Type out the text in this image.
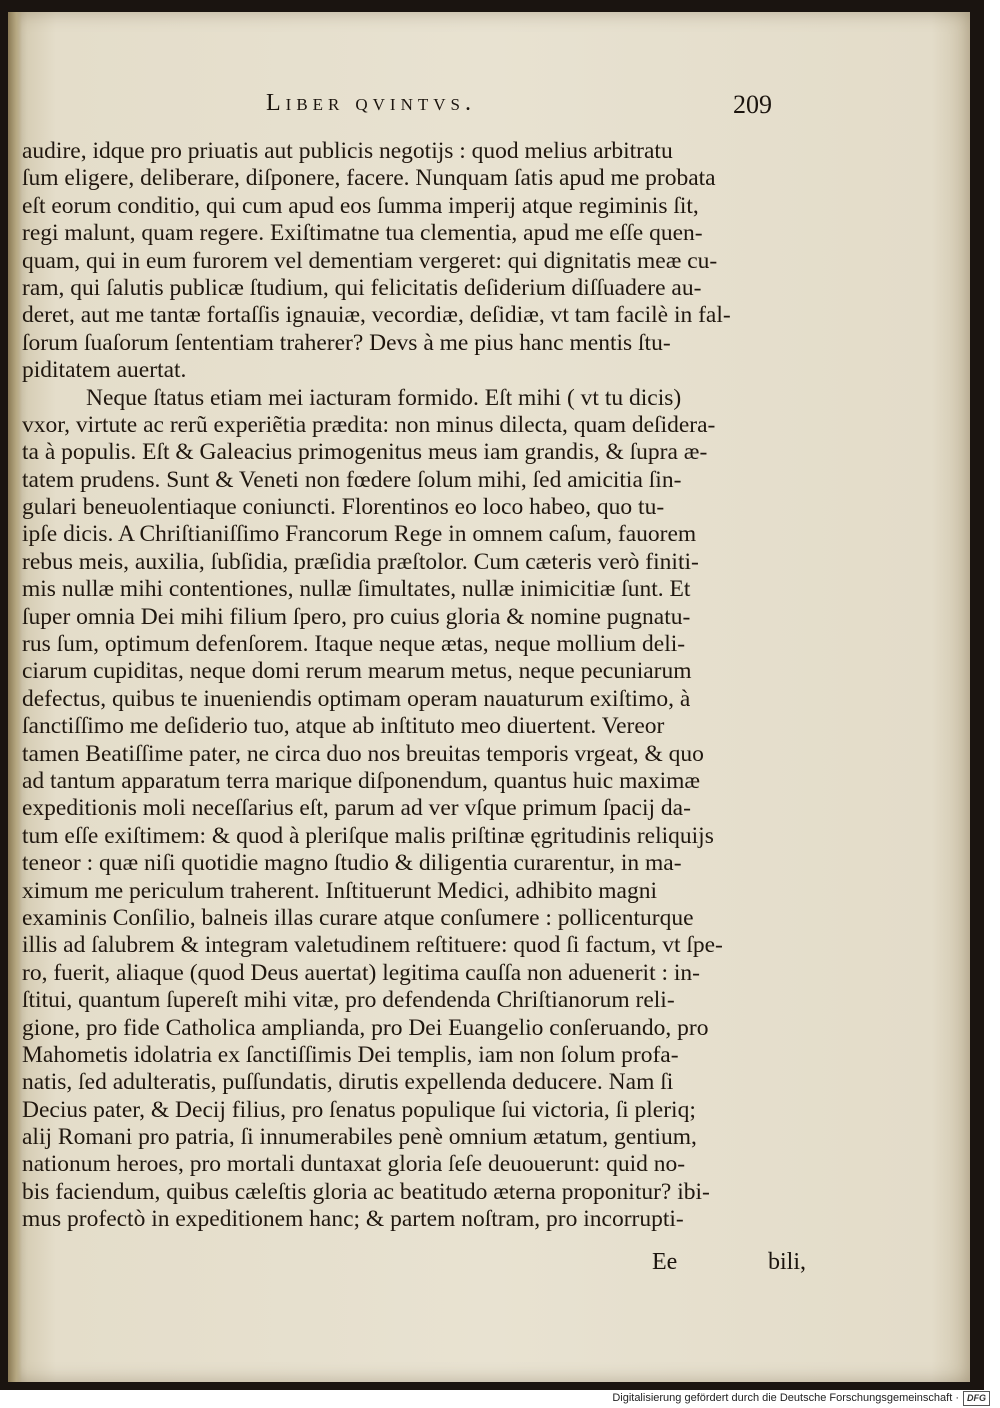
Liber qvintvs.	209
audire, idque pro priuatis aut publicis negotijs : quod melius arbitratu
ſum eligere, deliberare, diſponere, facere. Nunquam ſatis apud me probata
eſt eorum conditio, qui cum apud eos ſumma imperij atque regiminis ſit,
regi malunt, quam regere. Exiſtimatne tua clementia, apud me eſſe quen-
quam, qui in eum furorem vel dementiam vergeret: qui dignitatis meæ cu-
ram, qui ſalutis publicæ ſtudium, qui felicitatis deſiderium diſſuadere au-
deret, aut me tantæ fortaſſis ignauiæ, vecordiæ, deſidiæ, vt tam facilè in fal-
ſorum ſuaſorum ſententiam traherer? Devs à me pius hanc mentis ſtu-
piditatem auertat.
Neque ſtatus etiam mei iacturam formido. Eſt mihi ( vt tu dicis)
vxor, virtute ac rerũ experiẽtia prædita: non minus dilecta, quam deſidera-
ta à populis. Eſt & Galeacius primogenitus meus iam grandis, & ſupra æ-
tatem prudens. Sunt & Veneti non fœdere ſolum mihi, ſed amicitia ſin-
gulari beneuolentiaque coniuncti. Florentinos eo loco habeo, quo tu-
ipſe dicis. A Chriſtianiſſimo Francorum Rege in omnem caſum, fauorem
rebus meis, auxilia, ſubſidia, præſidia præſtolor. Cum cæteris verò finiti-
mis nullæ mihi contentiones, nullæ ſimultates, nullæ inimicitiæ ſunt. Et
ſuper omnia Dei mihi filium ſpero, pro cuius gloria & nomine pugnatu-
rus ſum, optimum defenſorem. Itaque neque ætas, neque mollium deli-
ciarum cupiditas, neque domi rerum mearum metus, neque pecuniarum
defectus, quibus te inueniendis optimam operam nauaturum exiſtimo, à
ſanctiſſimo me deſiderio tuo, atque ab inſtituto meo diuertent. Vereor
tamen Beatiſſime pater, ne circa duo nos breuitas temporis vrgeat, & quo
ad tantum apparatum terra marique diſponendum, quantus huic maximæ
expeditionis moli neceſſarius eſt, parum ad ver vſque primum ſpacij da-
tum eſſe exiſtimem: & quod à pleriſque malis priſtinæ ęgritudinis reliquijs
teneor : quæ niſi quotidie magno ſtudio & diligentia curarentur, in ma-
ximum me periculum traherent. Inſtituerunt Medici, adhibito magni
examinis Conſilio, balneis illas curare atque conſumere : pollicenturque
illis ad ſalubrem & integram valetudinem reſtituere: quod ſi factum, vt ſpe-
ro, fuerit, aliaque (quod Deus auertat) legitima cauſſa non aduenerit : in-
ſtitui, quantum ſupereſt mihi vitæ, pro defendenda Chriſtianorum reli-
gione, pro fide Catholica amplianda, pro Dei Euangelio conſeruando, pro
Mahometis idolatria ex ſanctiſſimis Dei templis, iam non ſolum profa-
natis, ſed adulteratis, puſſundatis, dirutis expellenda deducere. Nam ſi
Decius pater, & Decij filius, pro ſenatus populique ſui victoria, ſi pleriq;
alij Romani pro patria, ſi innumerabiles penè omnium ætatum, gentium,
nationum heroes, pro mortali duntaxat gloria ſeſe deuouerunt: quid no-
bis faciendum, quibus cæleſtis gloria ac beatitudo æterna proponitur? ibi-
mus profectò in expeditionem hanc; & partem noſtram, pro incorrupti-
Ee	bili,
Digitalisierung gefördert durch die Deutsche Forschungsgemeinschaft · DFG
